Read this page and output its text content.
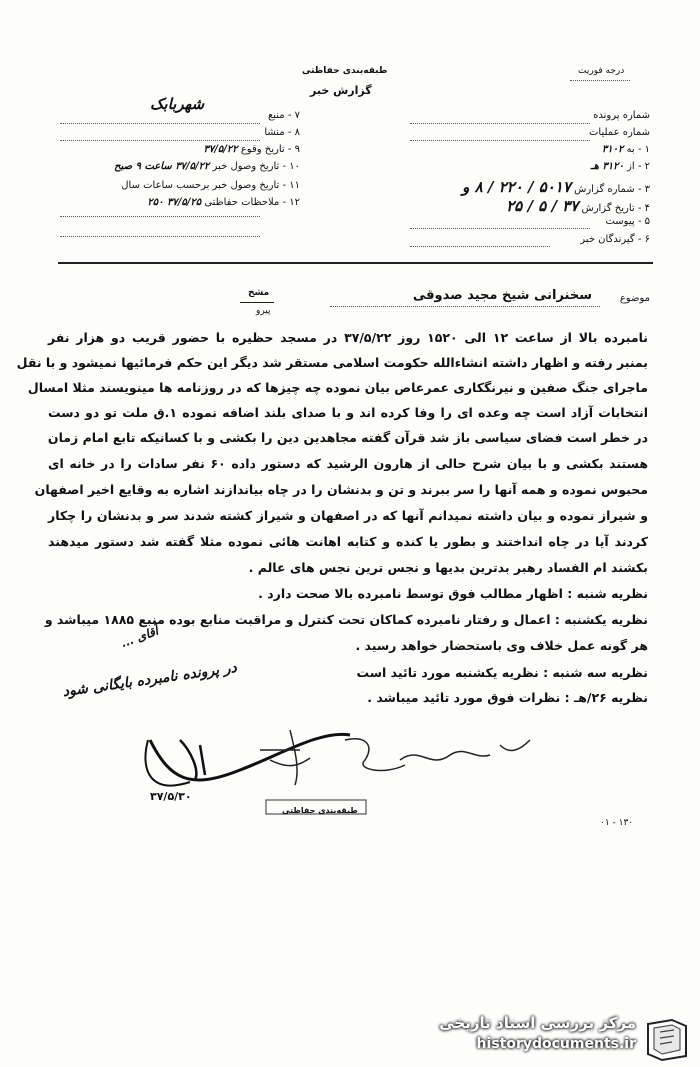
درجه فوریت
طبقه‌بندی حفاظتی
گزارش خبر
شهربابک
۷ - منبع
۸ - منشا
۹ - تاریخ وقوع ۳۷/۵/۲۲
۱۰ - تاریخ وصول خبر ۳۷/۵/۲۲ ساعت ۹ صبح
۱۱ - تاریخ وصول خبر برحسب ساعات سال
۱۲ - ملاحظات حفاظتی ۳۷/۵/۲۵ ۲۵۰
شماره پرونده
شماره عملیات
۱ - به ۳۱۰۲
۲ - از ۳۱۲۰ هـ
۳ - شماره گزارش ۵۰۱۷ / ۲۲۰ / ۸ و
۴ - تاریخ گزارش ۳۷ / ۵ / ۲۵
۵ - پیوست
۶ - گیرندگان خبر
موضوع
سخنرانی شیخ مجید صدوقی
مشخ
پیرو
نامبرده بالا از ساعت ۱۲ الی ۱۵۲۰ روز ۳۷/۵/۲۲ در مسجد حظیره با حضور قریب دو هزار نفر
بمنبر رفته و اظهار داشته انشاءالله حکومت اسلامی مستقر شد دیگر این حکم فرمائیها نمیشود و با نقل
ماجرای جنگ صفین و نیرنگکاری عمرعاص بیان نموده چه چیزها که در روزنامه ها مینویسند مثلا امسال
انتخابات آزاد است چه وعده ای را وفا کرده اند و با صدای بلند اضافه نموده ۱.ق ملت تو دو دست
در خطر است فضای سیاسی باز شد قرآن گفته مجاهدین دین را بکشی و با کسانیکه تابع امام زمان
هستند بکشی و با بیان شرح حالی از هارون الرشید که دستور داده ۶۰ نفر سادات را در خانه ای
محبوس نموده و همه آنها را سر ببرند و تن و بدنشان را در چاه بیاندازند اشاره به وقایع اخیر اصفهان
و شیراز نموده و بیان داشته نمیدانم آنها که در اصفهان و شیراز کشته شدند سر و بدنشان را چکار
کردند آیا در چاه انداختند و بطور یا کنده و کتابه اهانت هائی نموده مثلا گفته شد دستور میدهند
بکشند ام الفساد رهبر بدترین بدیها و نجس ترین نجس های عالم .
نظریه شنبه : اظهار مطالب فوق توسط نامبرده بالا صحت دارد .
نظریه یکشنبه : اعمال و رفتار نامبرده کماکان تحت کنترل و مراقبت منابع بوده منبع ۱۸۸۵ میباشد و
هر گونه عمل خلاف وی باستحضار خواهد رسید .
نظریه سه شنبه : نظریه یکشنبه مورد تائید است
نظریه ۲۶/هـ : نظرات فوق مورد تائید میباشد .
آقای ...
در پرونده نامبرده بایگانی شود
۳۷/۵/۳۰
طبقه‌بندی حفاظتی
۰۱ - ۱۳۰
مرکز بررسی اسناد تاریخی
historydocuments.ir
